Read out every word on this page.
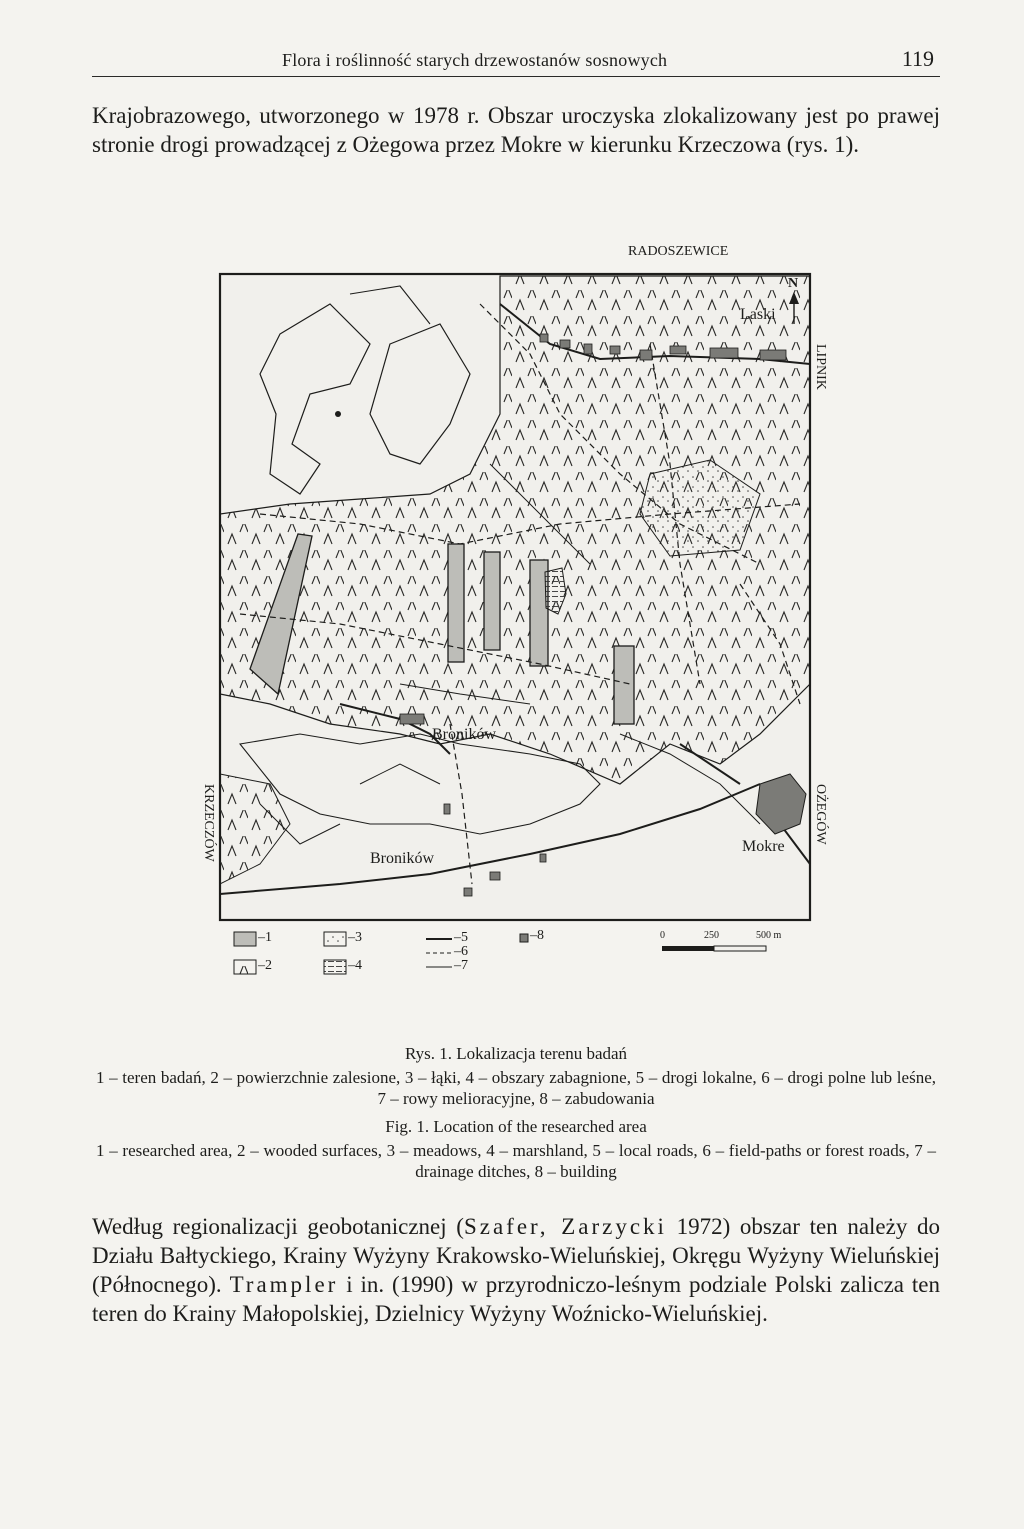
Flora i roślinność starych drzewostanów sosnowych	119

Krajobrazowego, utworzonego w 1978 r. Obszar uroczyska zlokalizowany jest po prawej stronie drogi prowadzącej z Ożegowa przez Mokre w kierunku Krzeczowa (rys. 1).

RADOSZEWICE
N
Laski
LIPNIK
Broników
Broników
Mokre
OŻEGÓW
KRZECZÓW
–1
–2
–3
–4
–5
–6
–7
–8	0	250	500 m

Rys. 1. Lokalizacja terenu badań

1 – teren badań, 2 – powierzchnie zalesione, 3 – łąki, 4 – obszary zabagnione, 5 – drogi lokalne, 6 – drogi polne lub leśne, 7 – rowy melioracyjne, 8 – zabudowania

Fig. 1. Location of the researched area

1 – researched area, 2 – wooded surfaces, 3 – meadows, 4 – marshland, 5 – local roads, 6 – field-paths or forest roads, 7 – drainage ditches, 8 – building

Według regionalizacji geobotanicznej (Szafer, Zarzycki 1972) obszar ten należy do Działu Bałtyckiego, Krainy Wyżyny Krakowsko-Wieluńskiej, Okręgu Wyżyny Wieluńskiej (Północnego). Trampler i in. (1990) w przyrodniczo-leśnym podziale Polski zalicza ten teren do Krainy Małopolskiej, Dzielnicy Wyżyny Woźnicko-Wieluńskiej.
